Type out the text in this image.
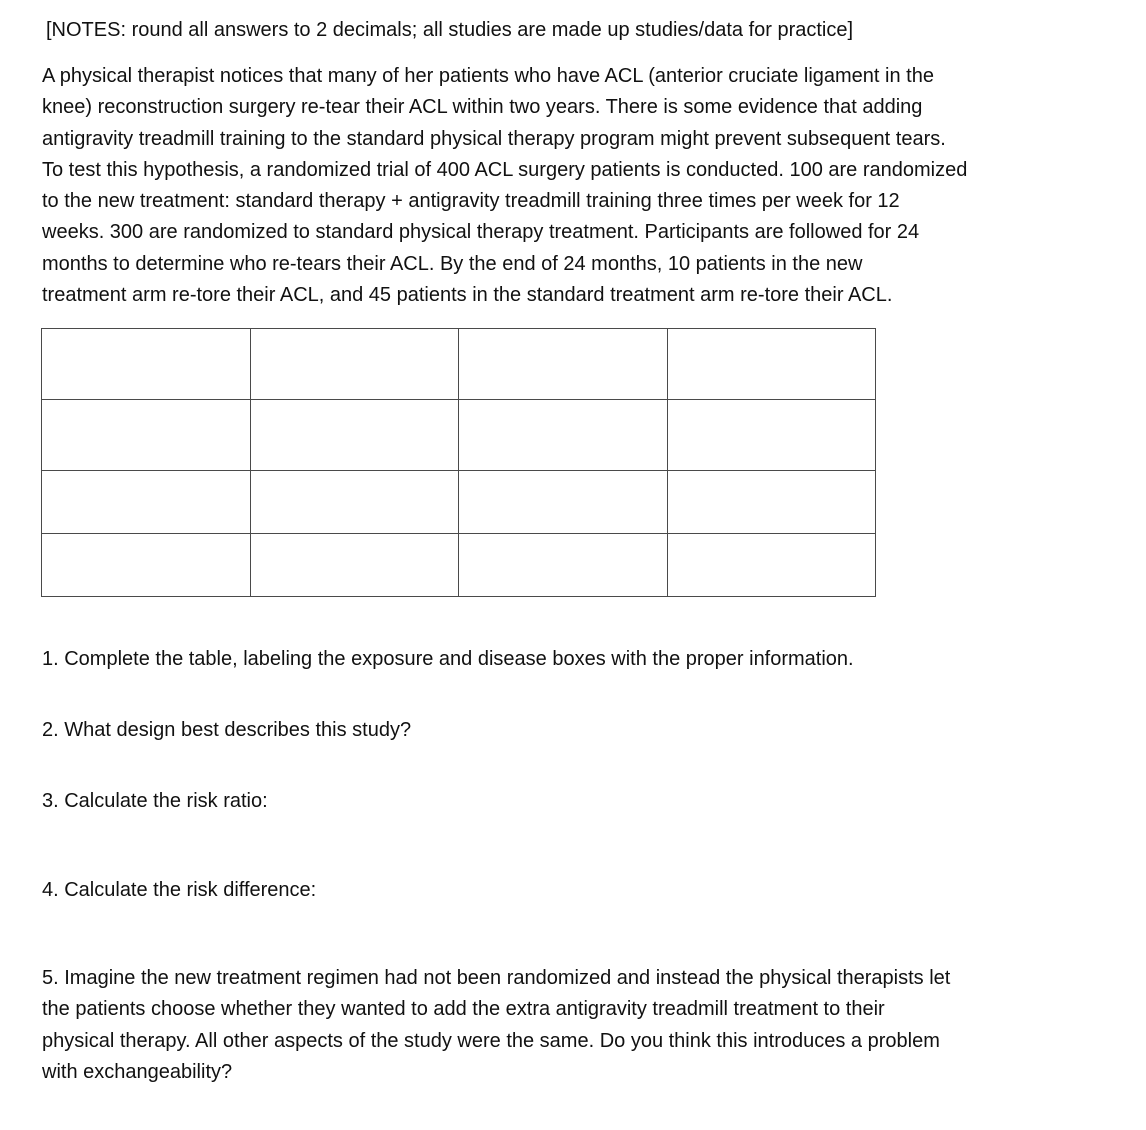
[NOTES: round all answers to 2 decimals; all studies are made up studies/data for practice]
A physical therapist notices that many of her patients who have ACL (anterior cruciate ligament in the
knee) reconstruction surgery re-tear their ACL within two years. There is some evidence that adding
antigravity treadmill training to the standard physical therapy program might prevent subsequent tears.
To test this hypothesis, a randomized trial of 400 ACL surgery patients is conducted. 100 are randomized
to the new treatment: standard therapy + antigravity treadmill training three times per week for 12
weeks. 300 are randomized to standard physical therapy treatment. Participants are followed for 24
months to determine who re-tears their ACL. By the end of 24 months, 10 patients in the new
treatment arm re-tore their ACL, and 45 patients in the standard treatment arm re-tore their ACL.

1. Complete the table, labeling the exposure and disease boxes with the proper information.
2. What design best describes this study?
3. Calculate the risk ratio:
4. Calculate the risk difference:
5. Imagine the new treatment regimen had not been randomized and instead the physical therapists let
the patients choose whether they wanted to add the extra antigravity treadmill treatment to their
physical therapy. All other aspects of the study were the same. Do you think this introduces a problem
with exchangeability?
